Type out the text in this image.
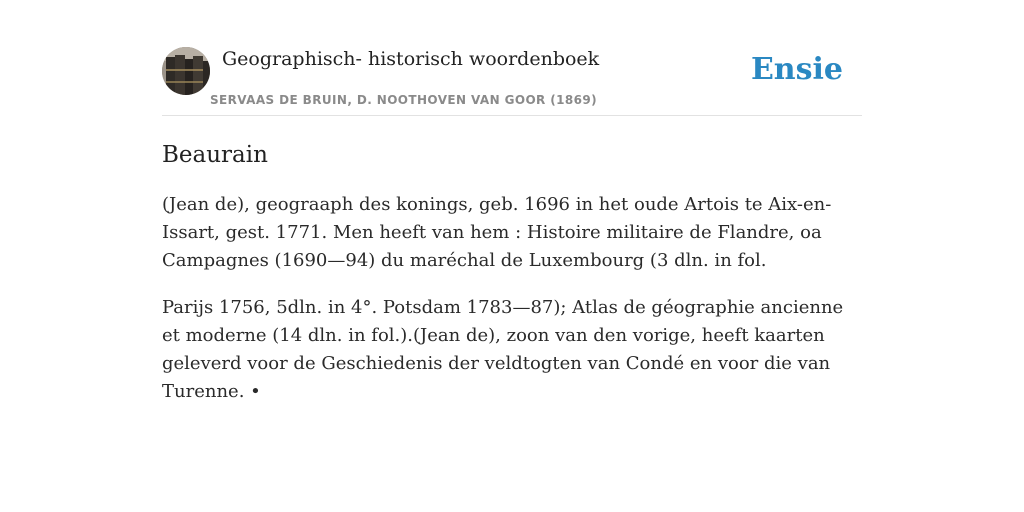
Geographisch- historisch woordenboek
SERVAAS DE BRUIN, D. NOOTHOVEN VAN GOOR (1869)
Ensie
Beaurain

(Jean de), geograaph des konings, geb. 1696 in het oude Artois te Aix-en-Issart, gest. 1771. Men heeft van hem : Histoire militaire de Flandre, oa Campagnes (1690—94) du maréchal de Luxembourg (3 dln. in fol.

Parijs 1756, 5dln. in 4°. Potsdam 1783—87); Atlas de géographie ancienne et moderne (14 dln. in fol.).(Jean de), zoon van den vorige, heeft kaarten geleverd voor de Geschiedenis der veldtogten van Condé en voor die van Turenne. •
